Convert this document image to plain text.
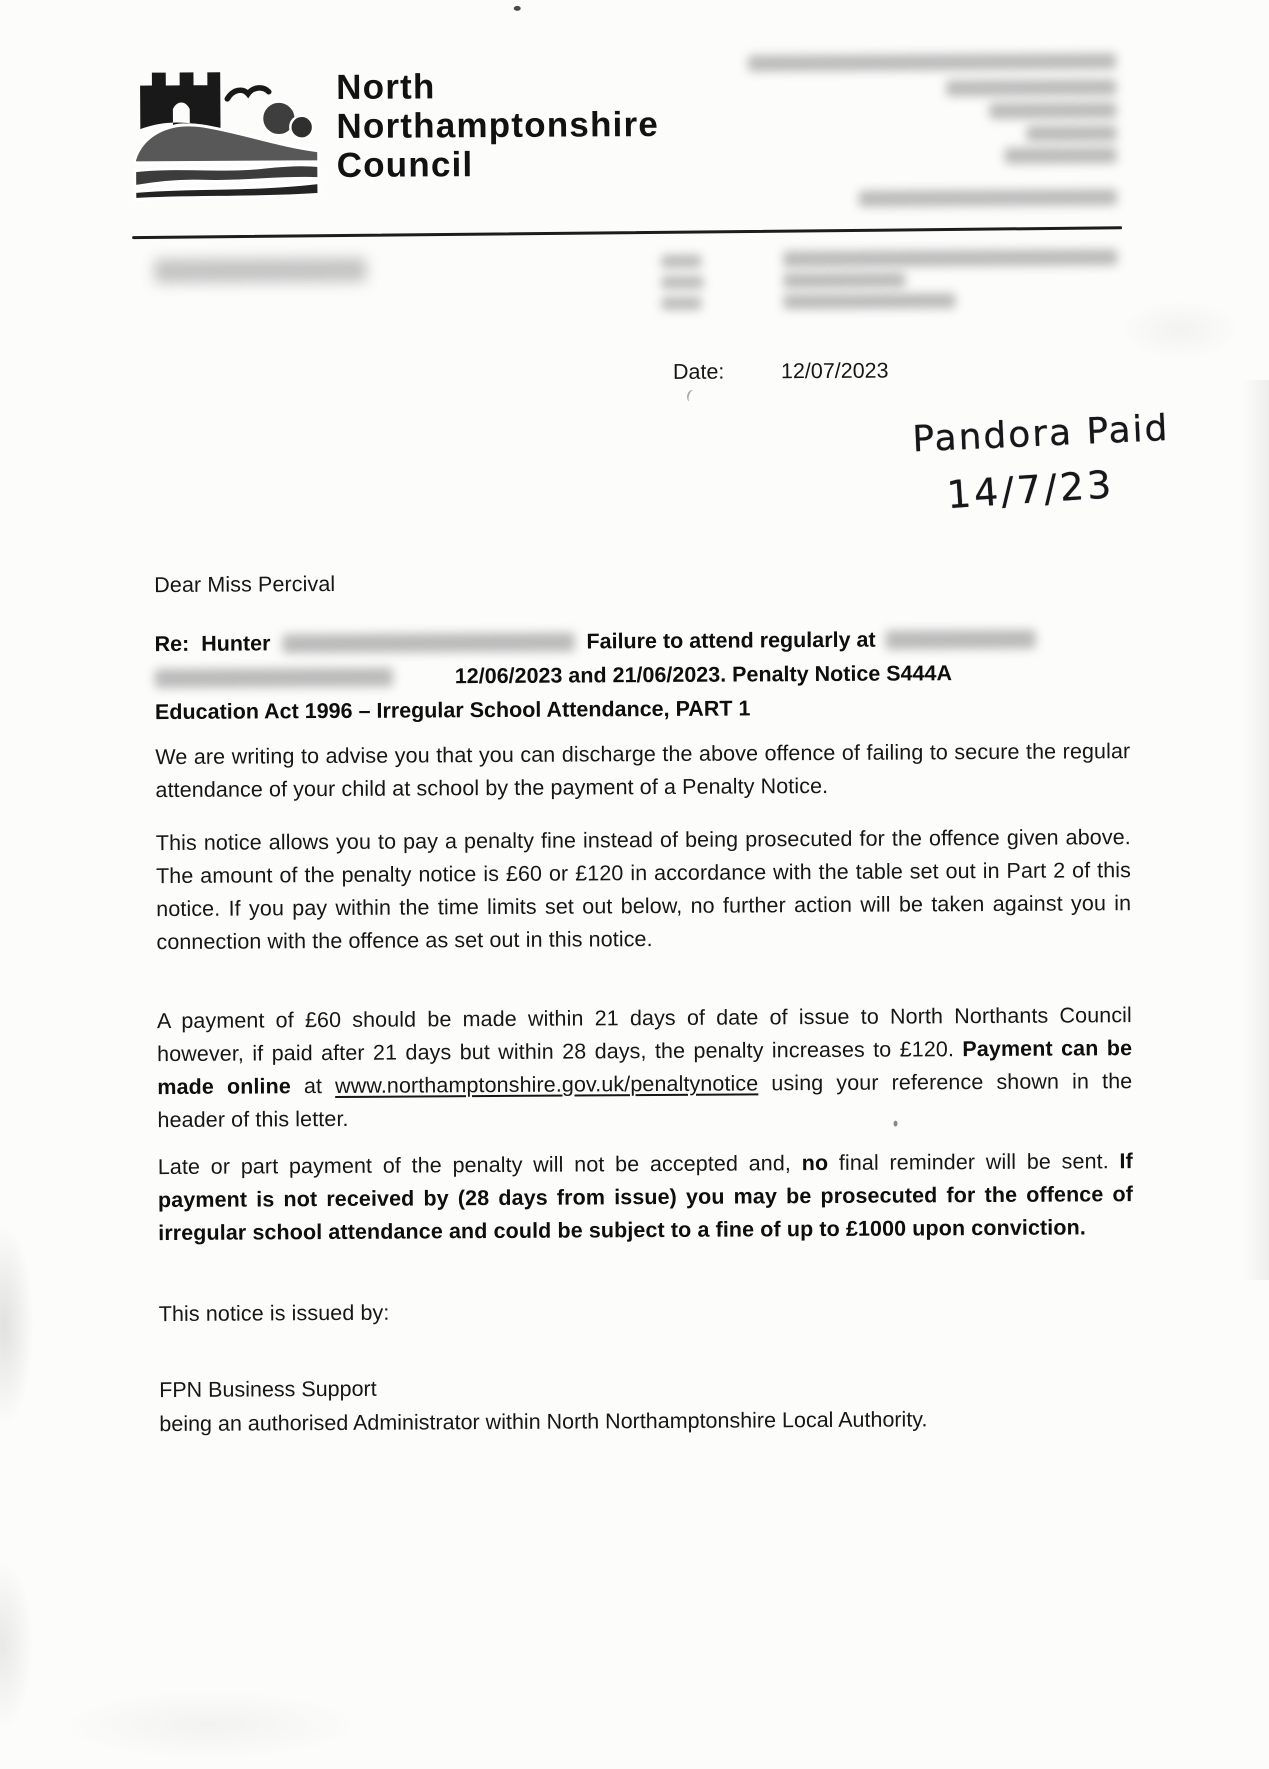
North
Northamptonshire
Council
Date:	12/07/2023
Pandora Paid
14/7/23
Dear Miss Percival
Re:  Hunter	Failure to attend regularly at
12/06/2023 and 21/06/2023. Penalty Notice S444A
Education Act 1996 – Irregular School Attendance, PART 1

We are writing to advise you that you can discharge the above offence of failing to secure the regular attendance of your child at school by the payment of a Penalty Notice.

This notice allows you to pay a penalty fine instead of being prosecuted for the offence given above. The amount of the penalty notice is £60 or £120 in accordance with the table set out in Part 2 of this notice. If you pay within the time limits set out below, no further action will be taken against you in connection with the offence as set out in this notice.

A payment of £60 should be made within 21 days of date of issue to North Northants Council however, if paid after 21 days but within 28 days, the penalty increases to £120. Payment can be made online at www.northamptonshire.gov.uk/penaltynotice using your reference shown in the header of this letter.

Late or part payment of the penalty will not be accepted and, no final reminder will be sent. If payment is not received by (28 days from issue) you may be prosecuted for the offence of irregular school attendance and could be subject to a fine of up to £1000 upon conviction.

This notice is issued by:

FPN Business Support
being an authorised Administrator within North Northamptonshire Local Authority.
